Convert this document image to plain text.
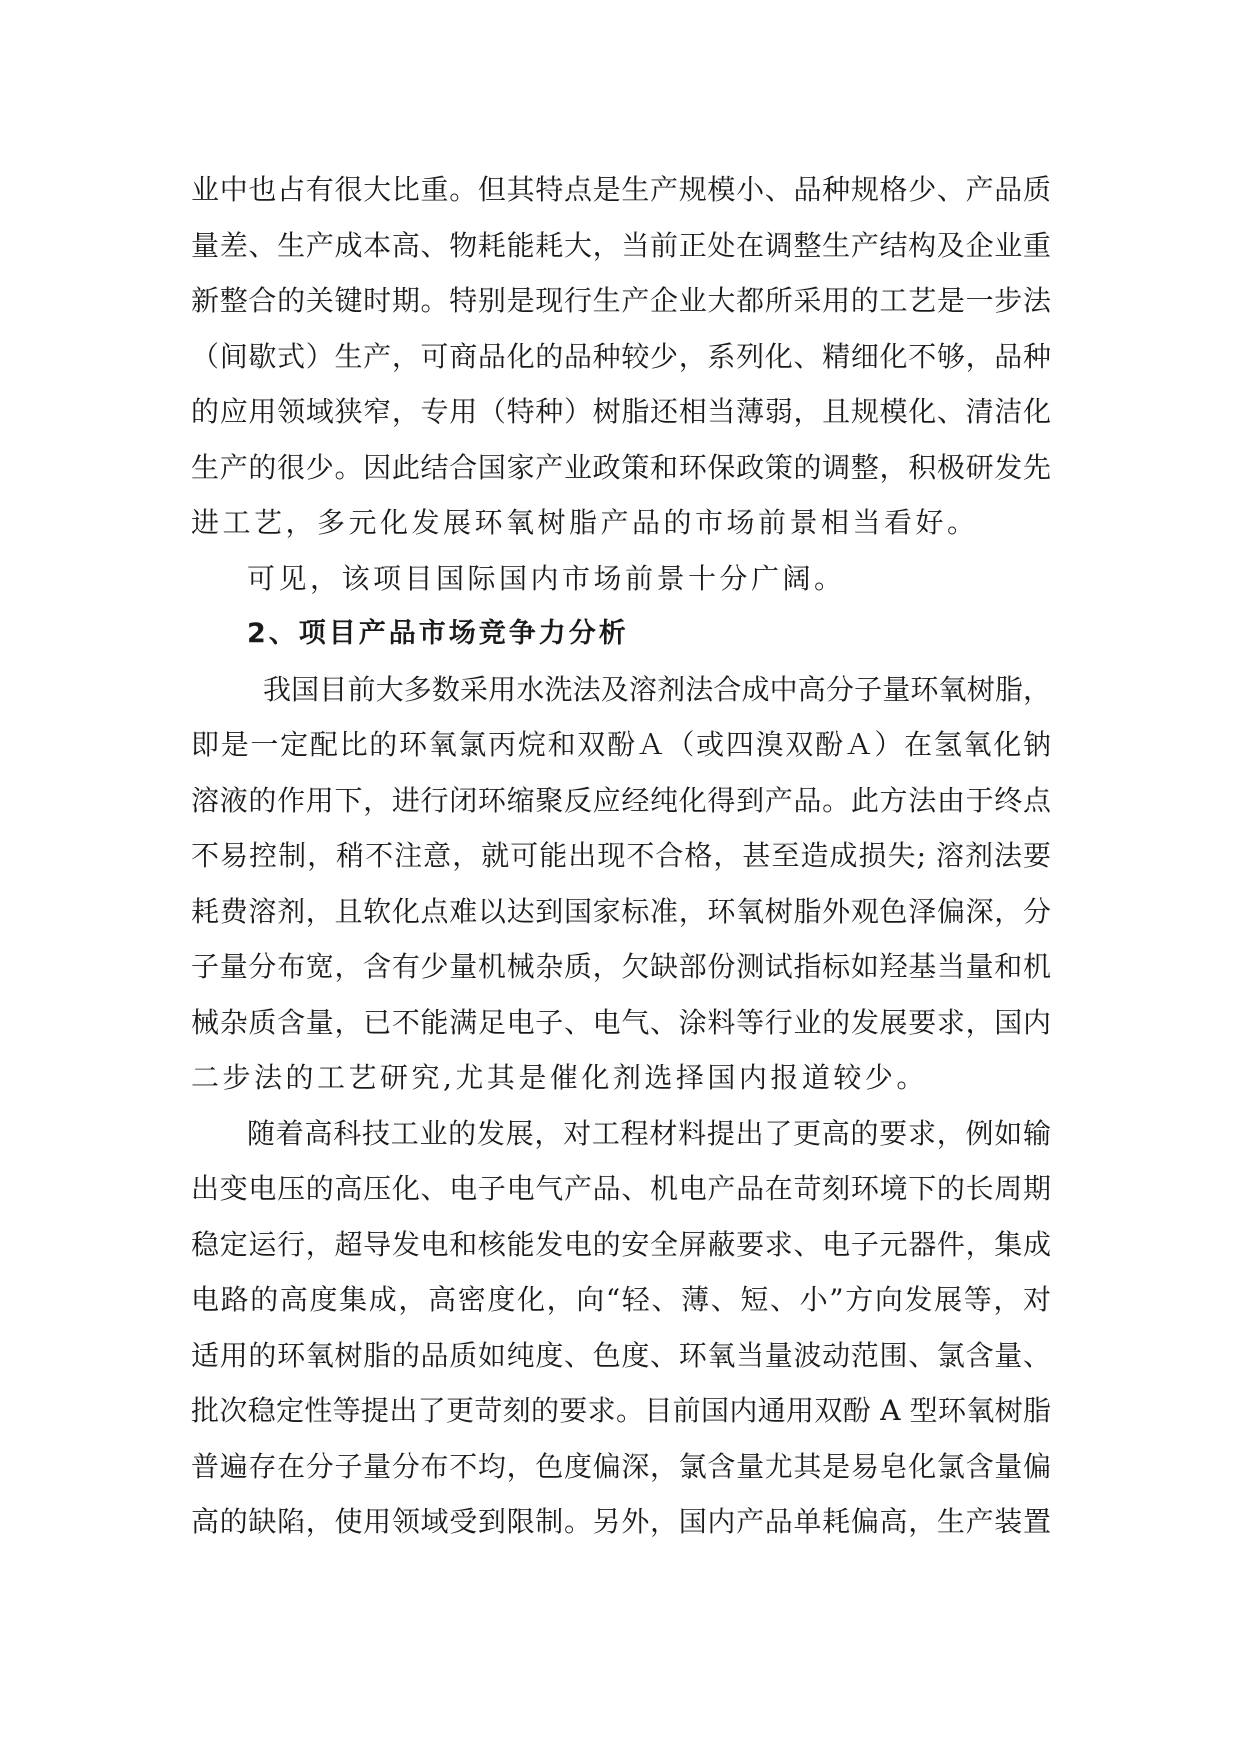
业中也占有很大比重。但其特点是生产规模小、品种规格少、产品质
量差、生产成本高、物耗能耗大，当前正处在调整生产结构及企业重
新整合的关键时期。特别是现行生产企业大都所采用的工艺是一步法
（间歇式）生产，可商品化的品种较少，系列化、精细化不够，品种
的应用领域狭窄，专用（特种）树脂还相当薄弱，且规模化、清洁化
生产的很少。因此结合国家产业政策和环保政策的调整，积极研发先
进工艺，多元化发展环氧树脂产品的市场前景相当看好。
可见，该项目国际国内市场前景十分广阔。
2、项目产品市场竞争力分析
我国目前大多数采用水洗法及溶剂法合成中高分子量环氧树脂，
即是一定配比的环氧氯丙烷和双酚Ａ（或四溴双酚Ａ）在氢氧化钠
溶液的作用下，进行闭环缩聚反应经纯化得到产品。此方法由于终点
不易控制，稍不注意，就可能出现不合格，甚至造成损失; 溶剂法要
耗费溶剂，且软化点难以达到国家标准，环氧树脂外观色泽偏深，分
子量分布宽，含有少量机械杂质，欠缺部份测试指标如羟基当量和机
械杂质含量，已不能满足电子、电气、涂料等行业的发展要求，国内
二步法的工艺研究,尤其是催化剂选择国内报道较少。
随着高科技工业的发展，对工程材料提出了更高的要求，例如输
出变电压的高压化、电子电气产品、机电产品在苛刻环境下的长周期
稳定运行，超导发电和核能发电的安全屏蔽要求、电子元器件，集成
电路的高度集成，高密度化，向“轻、薄、短、小”方向发展等，对
适用的环氧树脂的品质如纯度、色度、环氧当量波动范围、氯含量、
批次稳定性等提出了更苛刻的要求。目前国内通用双酚 A 型环氧树脂
普遍存在分子量分布不均，色度偏深，氯含量尤其是易皂化氯含量偏
高的缺陷，使用领域受到限制。另外，国内产品单耗偏高，生产装置
